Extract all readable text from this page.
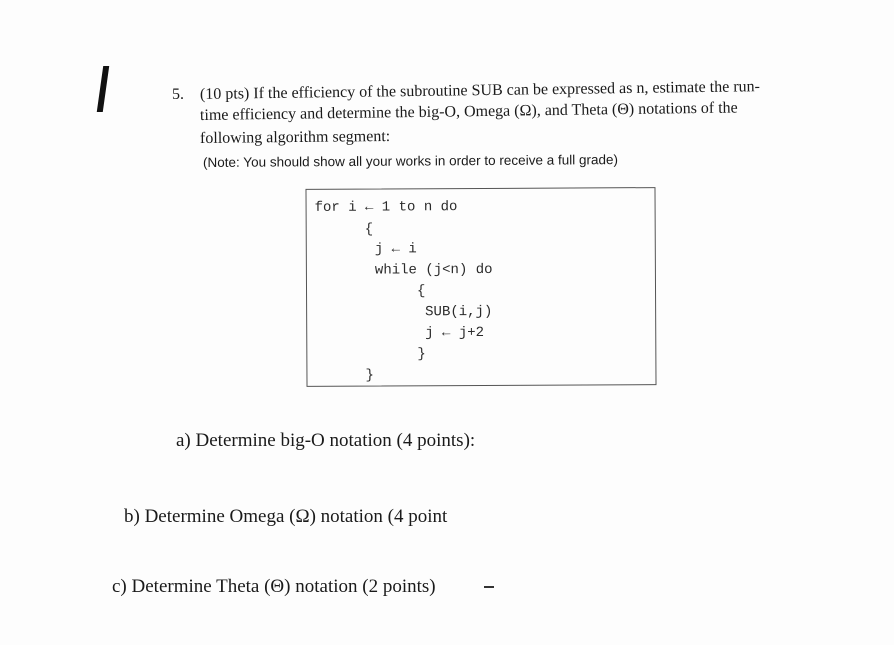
5. (10 pts) If the efficiency of the subroutine SUB can be expressed as n, estimate the run-
time efficiency and determine the big-O, Omega (Ω), and Theta (Θ) notations of the
following algorithm segment:
(Note: You should show all your works in order to receive a full grade)
for i ← 1 to n do
{
j ← i
while (j<n) do
{
SUB(i,j)
j ← j+2
}
}
a) Determine big-O notation (4 points):
b) Determine Omega (Ω) notation (4 point
c) Determine Theta (Θ) notation (2 points)
